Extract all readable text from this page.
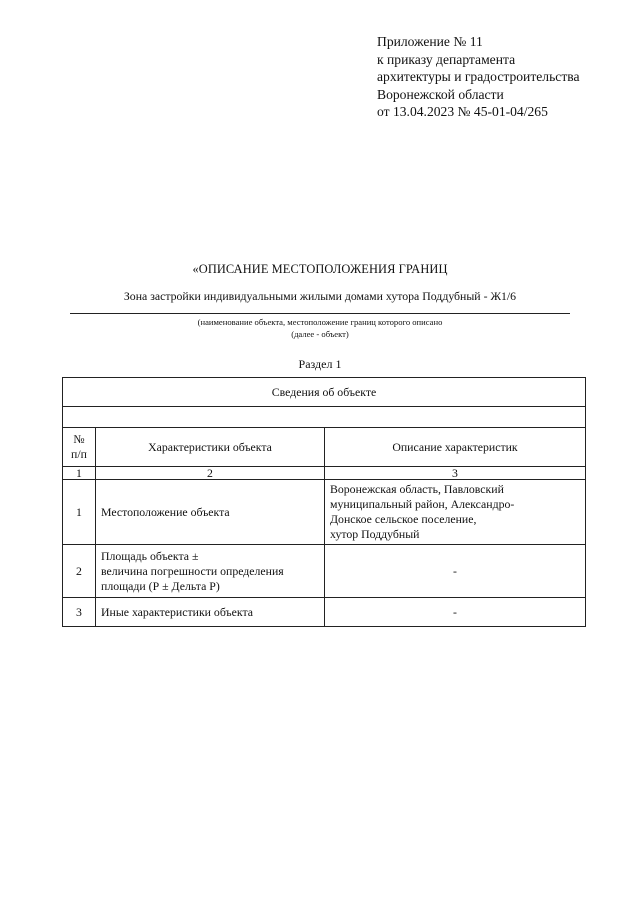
Приложение № 11
к приказу департамента
архитектуры и градостроительства
Воронежской области
от 13.04.2023 № 45-01-04/265
«ОПИСАНИЕ МЕСТОПОЛОЖЕНИЯ ГРАНИЦ
Зона застройки индивидуальными жилыми домами хутора Поддубный - Ж1/6
(наименование объекта, местоположение границ которого описано
(далее - объект)
Раздел 1
Сведения об объекте		

№
п/п	Характеристики объекта	Описание характеристик
1	2	3
1	Местоположение объекта	Воронежская область, Павловский
муниципальный район, Александро-
Донское сельское поселение,
хутор Поддубный

2	Площадь объекта ±
величина погрешности определения
площади (Р ± Дельта Р)	-
3	Иные характеристики объекта	-
